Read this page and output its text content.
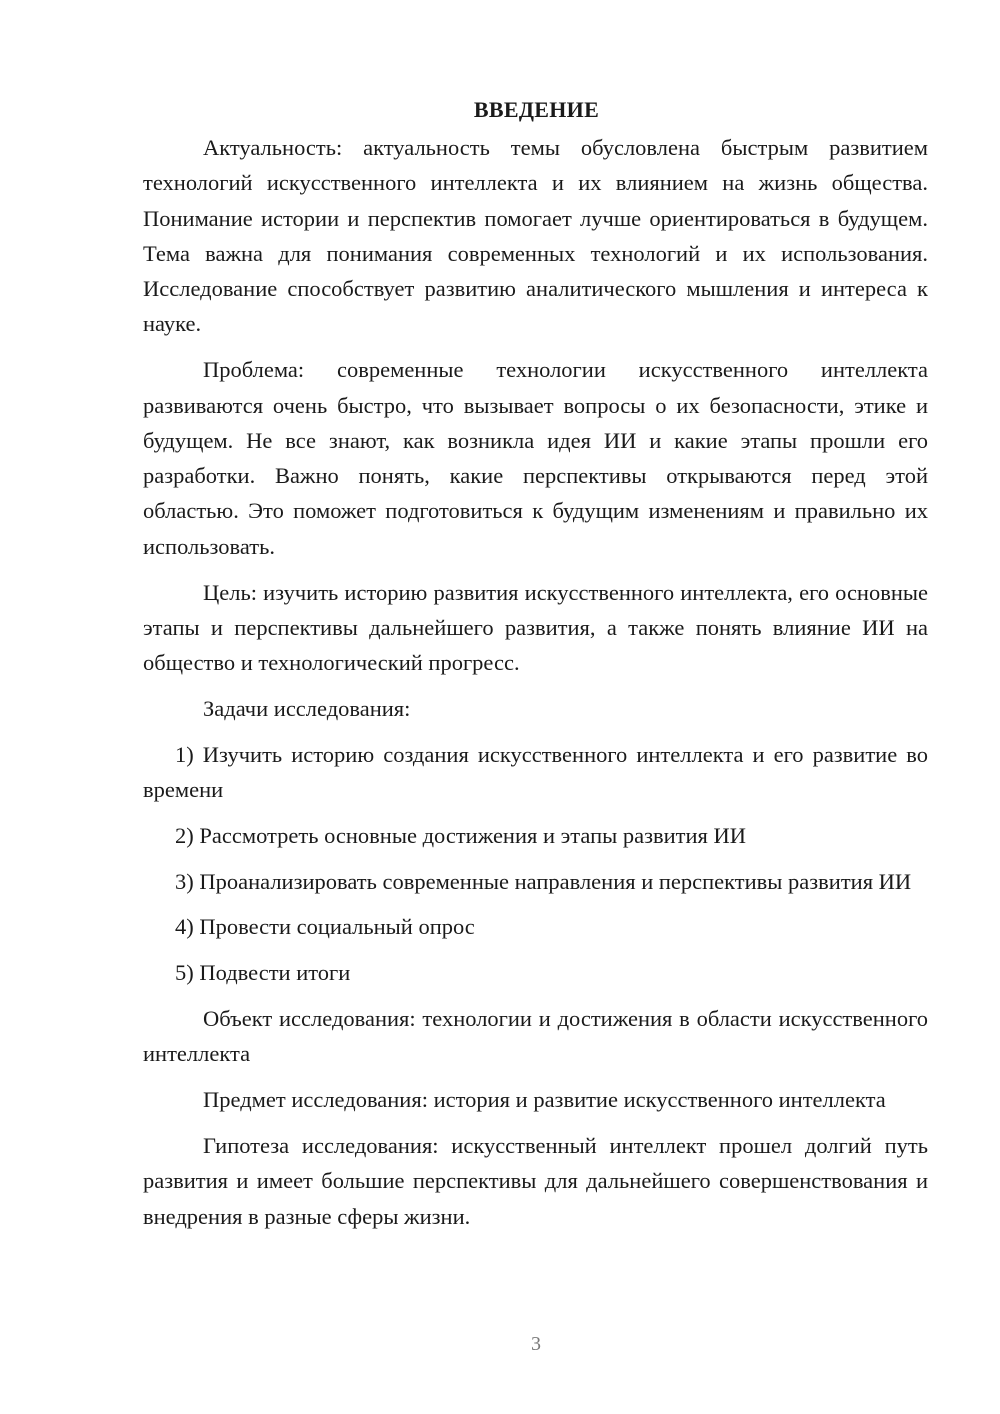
ВВЕДЕНИЕ

Актуальность: актуальность темы обусловлена быстрым развитием технологий искусственного интеллекта и их влиянием на жизнь общества. Понимание истории и перспектив помогает лучше ориентироваться в будущем. Тема важна для понимания современных технологий и их использования. Исследование способствует развитию аналитического мышления и интереса к науке.

Проблема: современные технологии искусственного интеллекта развиваются очень быстро, что вызывает вопросы о их безопасности, этике и будущем. Не все знают, как возникла идея ИИ и какие этапы прошли его разработки. Важно понять, какие перспективы открываются перед этой областью. Это поможет подготовиться к будущим изменениям и правильно их использовать.

Цель: изучить историю развития искусственного интеллекта, его основные этапы и перспективы дальнейшего развития, а также понять влияние ИИ на общество и технологический прогресс.

Задачи исследования:

1) Изучить историю создания искусственного интеллекта и его развитие во времени

2) Рассмотреть основные достижения и этапы развития ИИ

3) Проанализировать современные направления и перспективы развития ИИ

4) Провести социальный опрос

5) Подвести итоги

Объект исследования: технологии и достижения в области искусственного интеллекта

Предмет исследования: история и развитие искусственного интеллекта

Гипотеза исследования: искусственный интеллект прошел долгий путь развития и имеет большие перспективы для дальнейшего совершенствования и внедрения в разные сферы жизни.

3
